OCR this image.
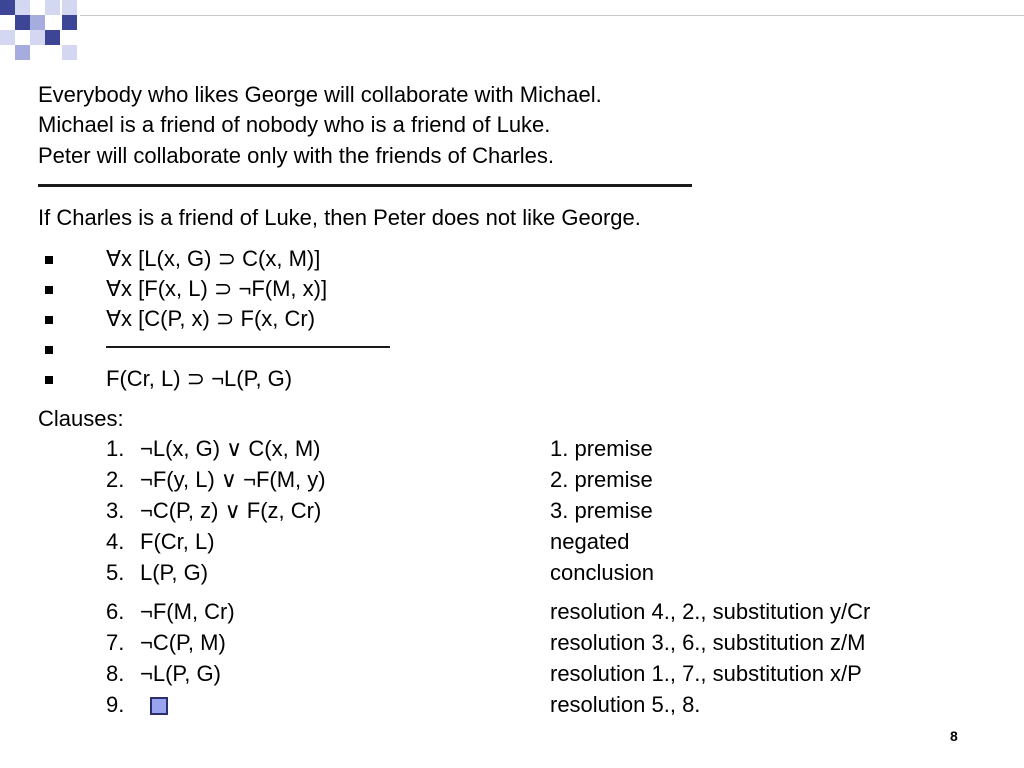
Everybody who likes George will collaborate with Michael.
Michael is a friend of nobody who is a friend of Luke.
Peter will collaborate only with the friends of Charles.
If Charles is a friend of Luke, then Peter does not like George.
∀x [L(x, G) ⊃ C(x, M)]
∀x [F(x, L) ⊃ ¬F(M, x)]
∀x [C(P, x) ⊃ F(x, Cr)
F(Cr, L) ⊃ ¬L(P, G)
Clauses:
1. ¬L(x, G) ∨ C(x, M)	1. premise
2. ¬F(y, L) ∨ ¬F(M, y)	2. premise
3. ¬C(P, z) ∨ F(z, Cr)	3. premise
4. F(Cr, L)	negated
5. L(P, G)	conclusion
6. ¬F(M, Cr)	resolution 4., 2., substitution y/Cr
7. ¬C(P, M)	resolution 3., 6., substitution z/M
8. ¬L(P, G)	resolution 1., 7., substitution x/P
9.	resolution 5., 8.
8
